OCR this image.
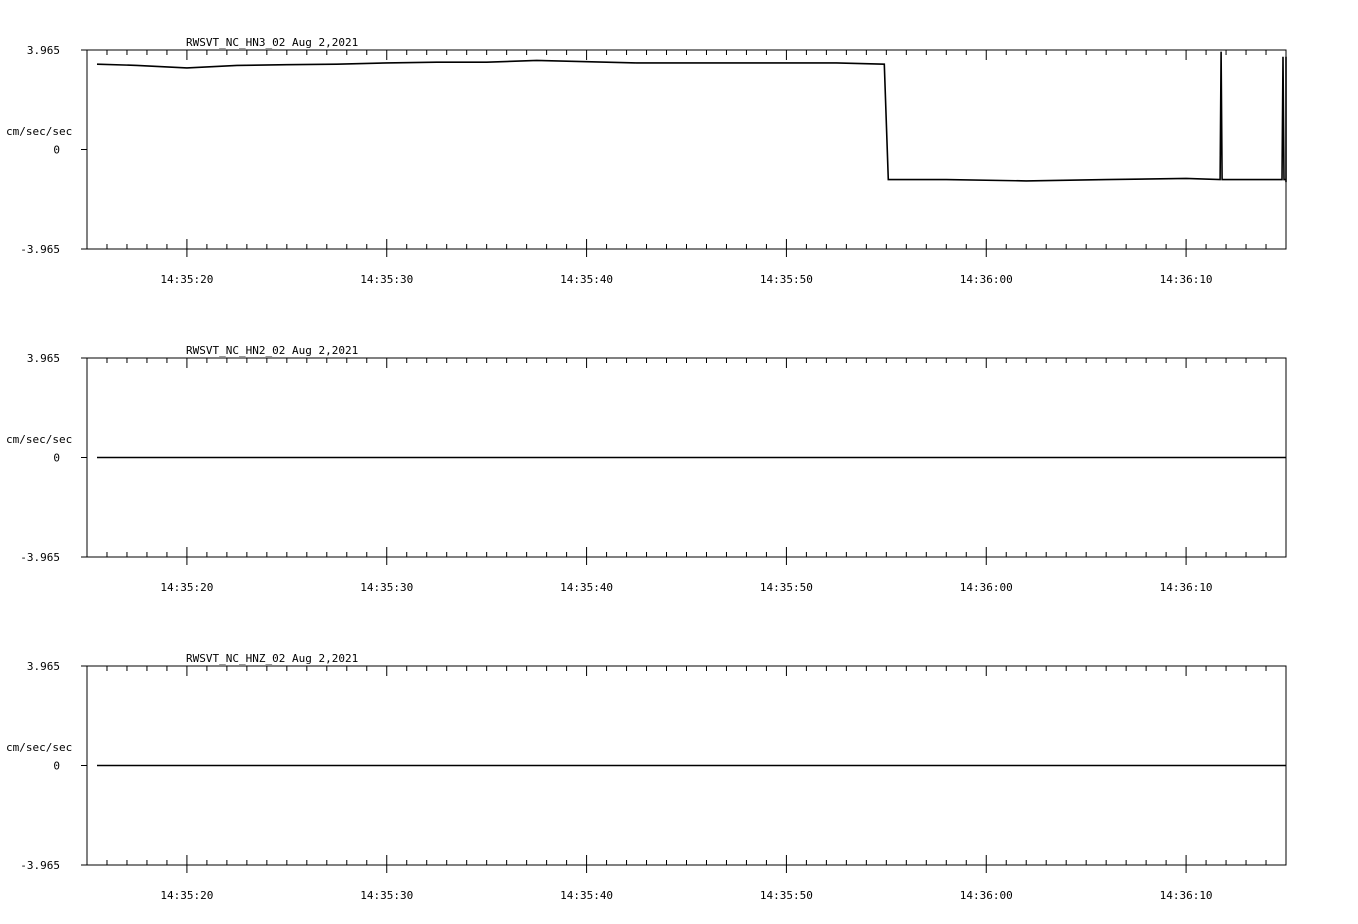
RWSVT_NC_HN3_02 Aug 2,2021
3.965
0
-3.965
cm/sec/sec
14:35:20	14:35:30	14:35:40	14:35:50	14:36:00	14:36:10
RWSVT_NC_HN2_02 Aug 2,2021
3.965
0
-3.965
cm/sec/sec
14:35:20	14:35:30	14:35:40	14:35:50	14:36:00	14:36:10
RWSVT_NC_HNZ_02 Aug 2,2021
3.965
0
-3.965
cm/sec/sec
14:35:20	14:35:30	14:35:40	14:35:50	14:36:00	14:36:10
